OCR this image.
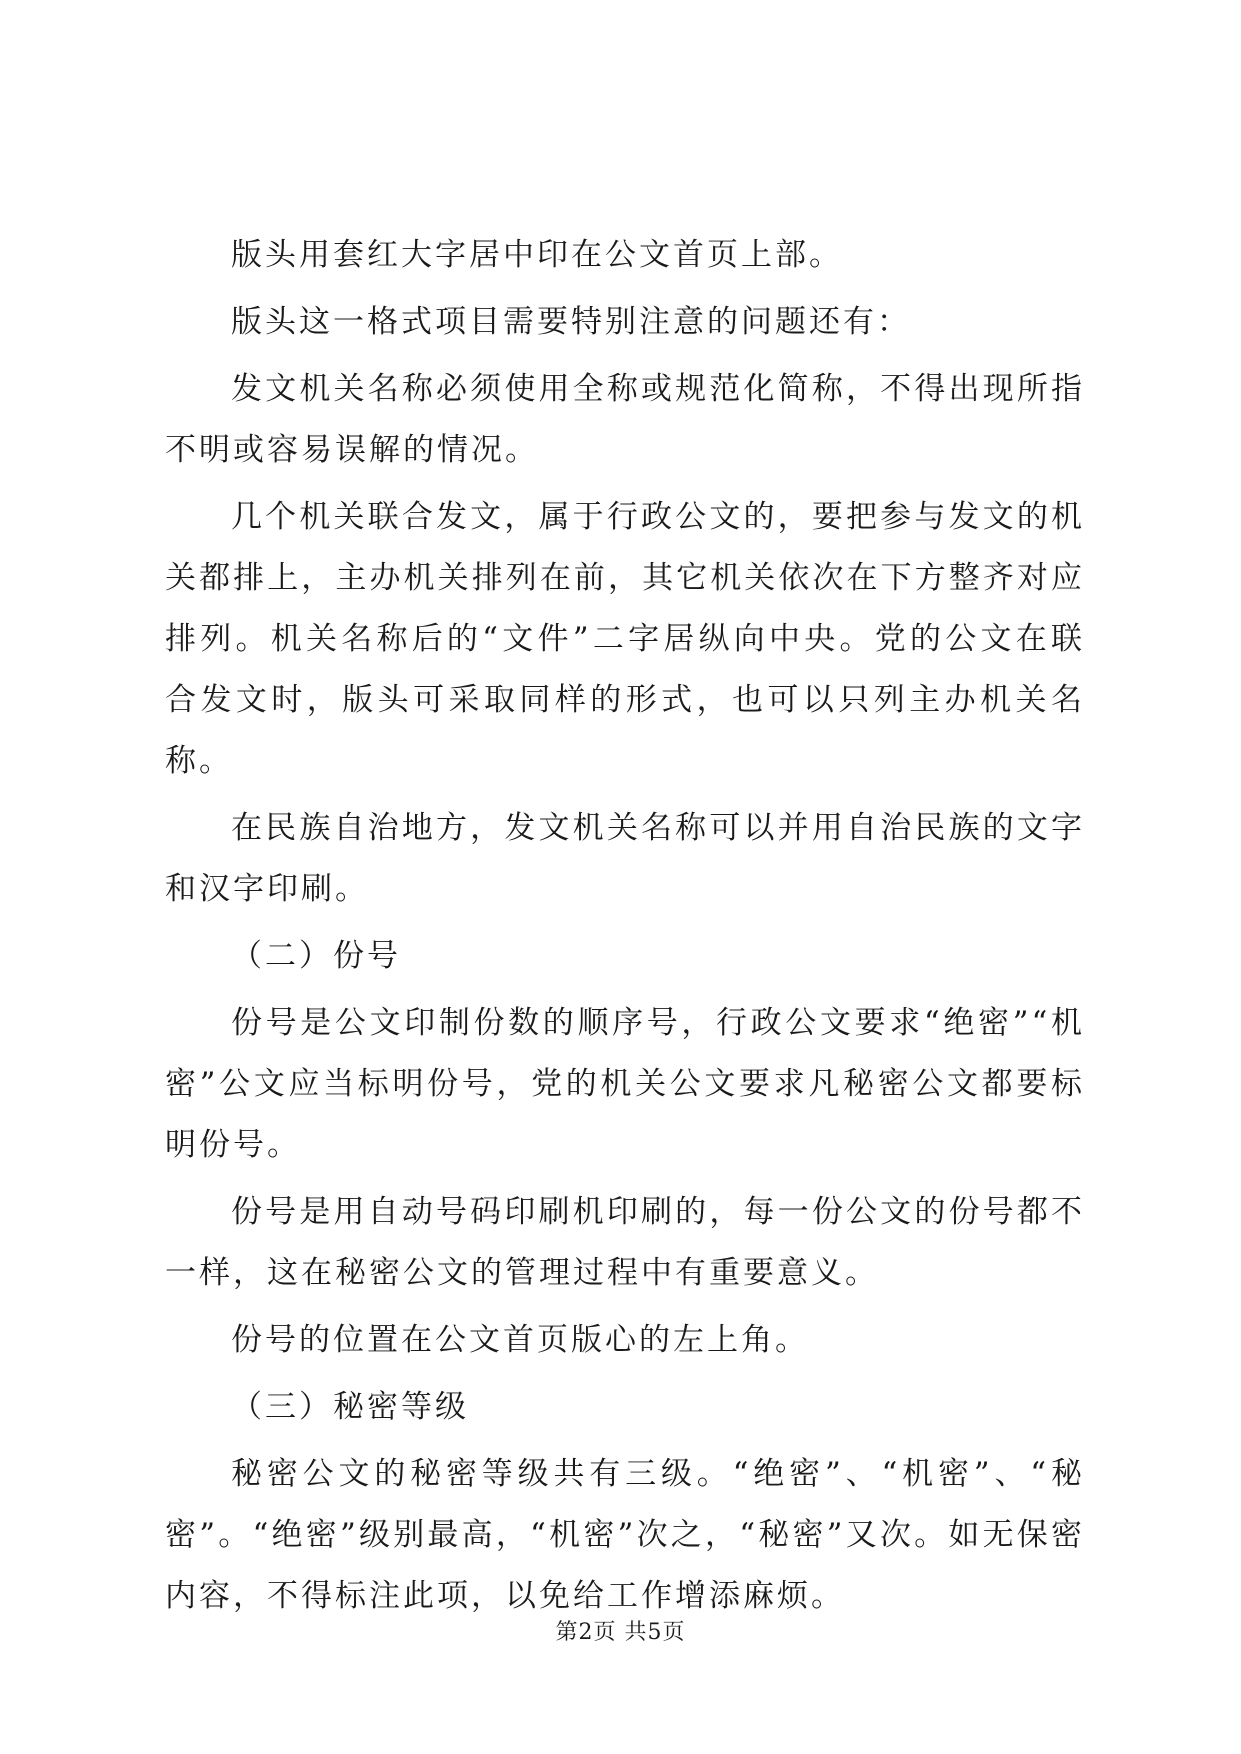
版头用套红大字居中印在公文首页上部。

版头这一格式项目需要特别注意的问题还有：

发文机关名称必须使用全称或规范化简称，不得出现所指不明或容易误解的情况。

几个机关联合发文，属于行政公文的，要把参与发文的机关都排上，主办机关排列在前，其它机关依次在下方整齐对应排列。机关名称后的“文件”二字居纵向中央。党的公文在联合发文时，版头可采取同样的形式，也可以只列主办机关名称。

在民族自治地方，发文机关名称可以并用自治民族的文字和汉字印刷。

（二）份号

份号是公文印制份数的顺序号，行政公文要求“绝密”“机密”公文应当标明份号，党的机关公文要求凡秘密公文都要标明份号。

份号是用自动号码印刷机印刷的，每一份公文的份号都不一样，这在秘密公文的管理过程中有重要意义。

份号的位置在公文首页版心的左上角。

（三）秘密等级

秘密公文的秘密等级共有三级。“绝密”、“机密”、“秘密”。“绝密”级别最高，“机密”次之，“秘密”又次。如无保密内容，不得标注此项，以免给工作增添麻烦。

第2页 共5页
